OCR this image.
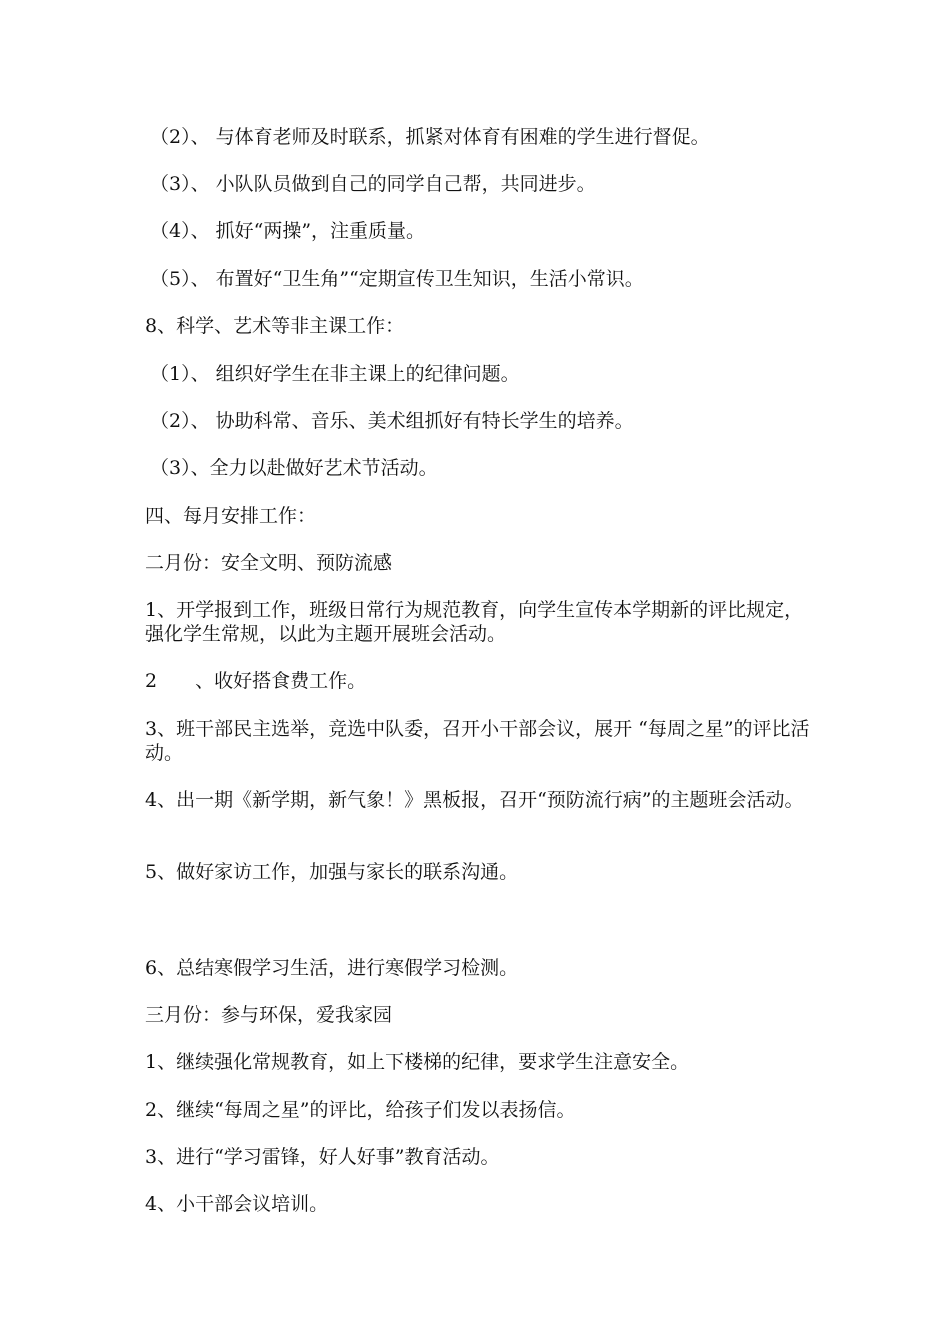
（2）、 与体育老师及时联系，抓紧对体育有困难的学生进行督促。
（3）、 小队队员做到自己的同学自己帮，共同进步。
（4）、 抓好“两操”，注重质量。
（5）、 布置好“卫生角”“定期宣传卫生知识，生活小常识。
8、科学、艺术等非主课工作：
（1）、 组织好学生在非主课上的纪律问题。
（2）、 协助科常、音乐、美术组抓好有特长学生的培养。
（3）、全力以赴做好艺术节活动。
四、每月安排工作：
二月份：安全文明、预防流感
1、开学报到工作，班级日常行为规范教育，向学生宣传本学期新的评比规定，强化学生常规，以此为主题开展班会活动。
2　　、收好搭食费工作。
3、班干部民主选举，竞选中队委，召开小干部会议，展开 “每周之星”的评比活动。
4、出一期《新学期，新气象！》黑板报，召开“预防流行病”的主题班会活动。
5、做好家访工作，加强与家长的联系沟通。
6、总结寒假学习生活，进行寒假学习检测。
三月份：参与环保，爱我家园
1、继续强化常规教育，如上下楼梯的纪律，要求学生注意安全。
2、继续“每周之星”的评比，给孩子们发以表扬信。
3、进行“学习雷锋，好人好事”教育活动。
4、小干部会议培训。
